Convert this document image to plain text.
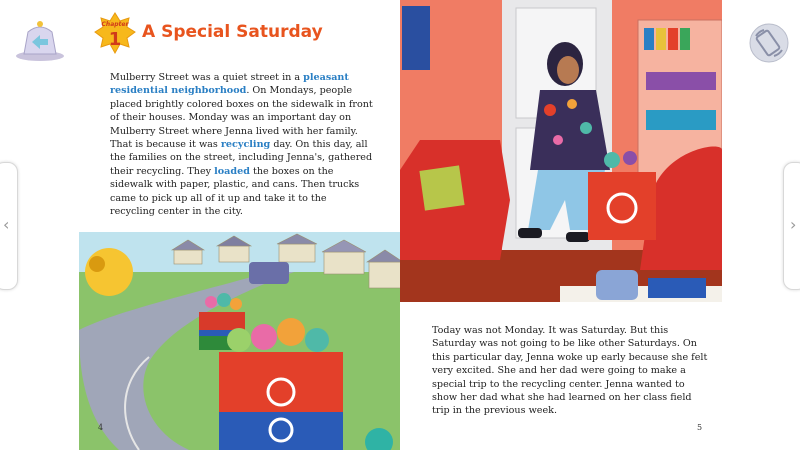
Chapter
1 A Special Saturday
Mulberry Street was a quiet street in a pleasant residential neighborhood. On Mondays, people placed brightly colored boxes on the sidewalk in front of their houses. Monday was an important day on Mulberry Street where Jenna lived with her family. That is because it was recycling day. On this day, all the families on the street, including Jenna's, gathered their recycling. They loaded the boxes on the sidewalk with paper, plastic, and cans. Then trucks came to pick up all of it up and take it to the recycling center in the city.
4
Today was not Monday. It was Saturday. But this Saturday was not going to be like other Saturdays. On this particular day, Jenna woke up early because she felt very excited. She and her dad were going to make a special trip to the recycling center. Jenna wanted to show her dad what she had learned on her class field trip in the previous week.
5
‹	›
